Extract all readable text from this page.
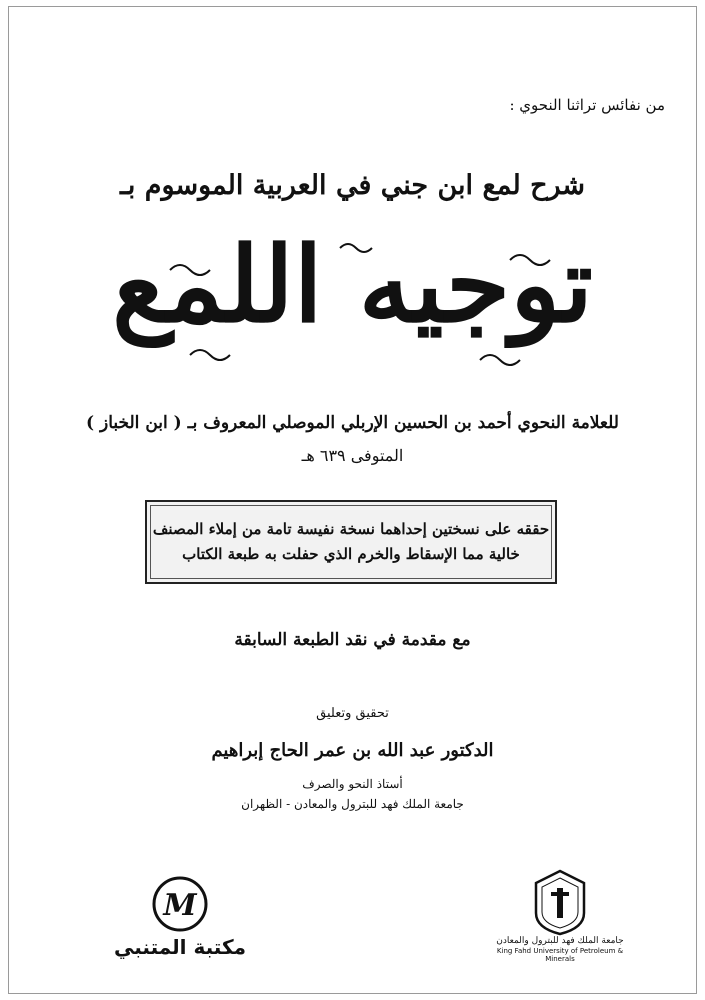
من نفائس تراثنا النحوي :
شرح لمع ابن جني في العربية الموسوم بـ
توجيه اللمع
للعلامة النحوي أحمد بن الحسين الإربلي الموصلي المعروف بـ ( ابن الخباز )
المتوفى ٦٣٩ هـ
حققه على نسختين إحداهما نسخة نفيسة تامة من إملاء المصنف
خالية مما الإسقاط والخرم الذي حفلت به طبعة الكتاب
مع مقدمة في نقد الطبعة السابقة
تحقيق وتعليق
الدكتور عبد الله بن عمر الحاج إبراهيم
أستاذ النحو والصرف
جامعة الملك فهد للبترول والمعادن - الظهران
M
مكتبة المتنبي	جامعة الملك فهد للبترول والمعادن
King Fahd University of Petroleum & Minerals
